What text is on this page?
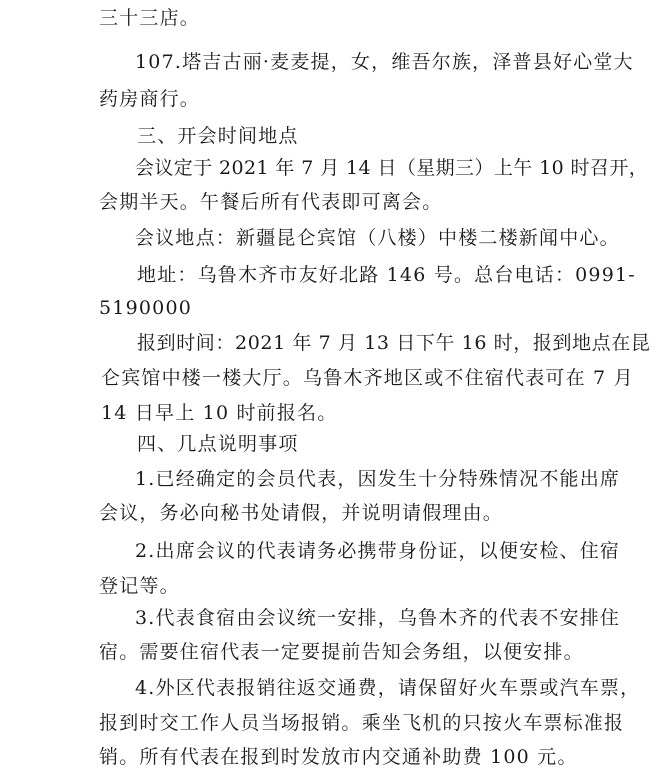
三十三店。
107.塔吉古丽·麦麦提，女，维吾尔族，泽普县好心堂大
药房商行。
三、开会时间地点
会议定于 2021 年 7 月 14 日（星期三）上午 10 时召开，
会期半天。午餐后所有代表即可离会。
会议地点：新疆昆仑宾馆（八楼）中楼二楼新闻中心。
地址：乌鲁木齐市友好北路 146 号。总台电话：0991-
5190000
报到时间：2021 年 7 月 13 日下午 16 时，报到地点在昆
仑宾馆中楼一楼大厅。乌鲁木齐地区或不住宿代表可在 7 月
14 日早上 10 时前报名。
四、几点说明事项
1.已经确定的会员代表，因发生十分特殊情况不能出席
会议，务必向秘书处请假，并说明请假理由。
2.出席会议的代表请务必携带身份证，以便安检、住宿
登记等。
3.代表食宿由会议统一安排，乌鲁木齐的代表不安排住
宿。需要住宿代表一定要提前告知会务组，以便安排。
4.外区代表报销往返交通费，请保留好火车票或汽车票，
报到时交工作人员当场报销。乘坐飞机的只按火车票标准报
销。所有代表在报到时发放市内交通补助费 100 元。
